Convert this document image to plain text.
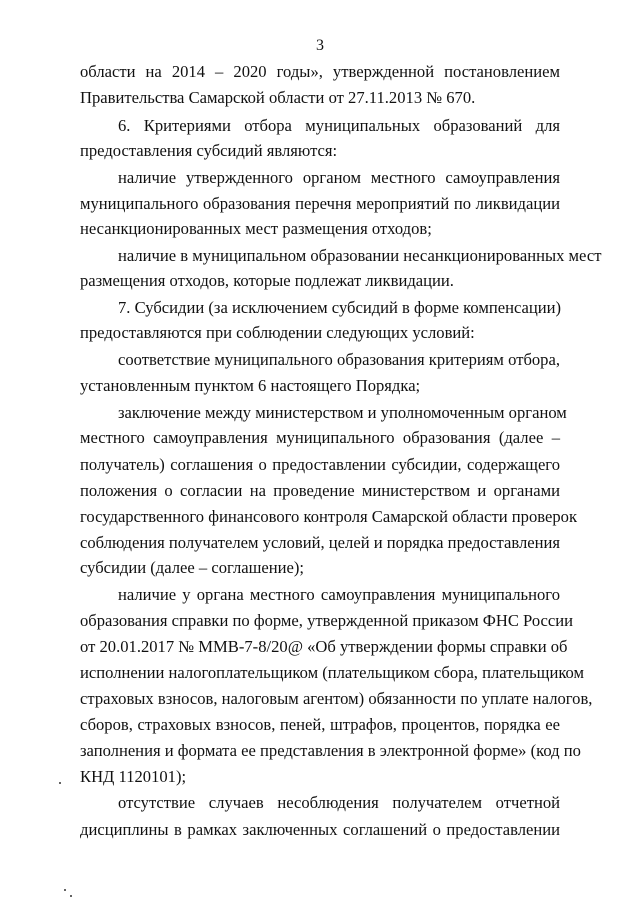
3
области на 2014 – 2020 годы», утвержденной постановлением
Правительства Самарской области от 27.11.2013 № 670.
6. Критериями отбора муниципальных образований для
предоставления субсидий являются:
наличие утвержденного органом местного самоуправления
муниципального образования перечня мероприятий по ликвидации
несанкционированных мест размещения отходов;
наличие в муниципальном образовании несанкционированных мест
размещения отходов, которые подлежат ликвидации.
7. Субсидии (за исключением субсидий в форме компенсации)
предоставляются при соблюдении следующих условий:
соответствие муниципального образования критериям отбора,
установленным пунктом 6 настоящего Порядка;
заключение между министерством и уполномоченным органом
местного самоуправления муниципального образования (далее –
получатель) соглашения о предоставлении субсидии, содержащего
положения о согласии на проведение министерством и органами
государственного финансового контроля Самарской области проверок
соблюдения получателем условий, целей и порядка предоставления
субсидии (далее – соглашение);
наличие у органа местного самоуправления муниципального
образования справки по форме, утвержденной приказом ФНС России
от 20.01.2017 № ММВ-7-8/20@ «Об утверждении формы справки об
исполнении налогоплательщиком (плательщиком сбора, плательщиком
страховых взносов, налоговым агентом) обязанности по уплате налогов,
сборов, страховых взносов, пеней, штрафов, процентов, порядка ее
заполнения и формата ее представления в электронной форме» (код по
КНД 1120101);
отсутствие случаев несоблюдения получателем отчетной
дисциплины в рамках заключенных соглашений о предоставлении
